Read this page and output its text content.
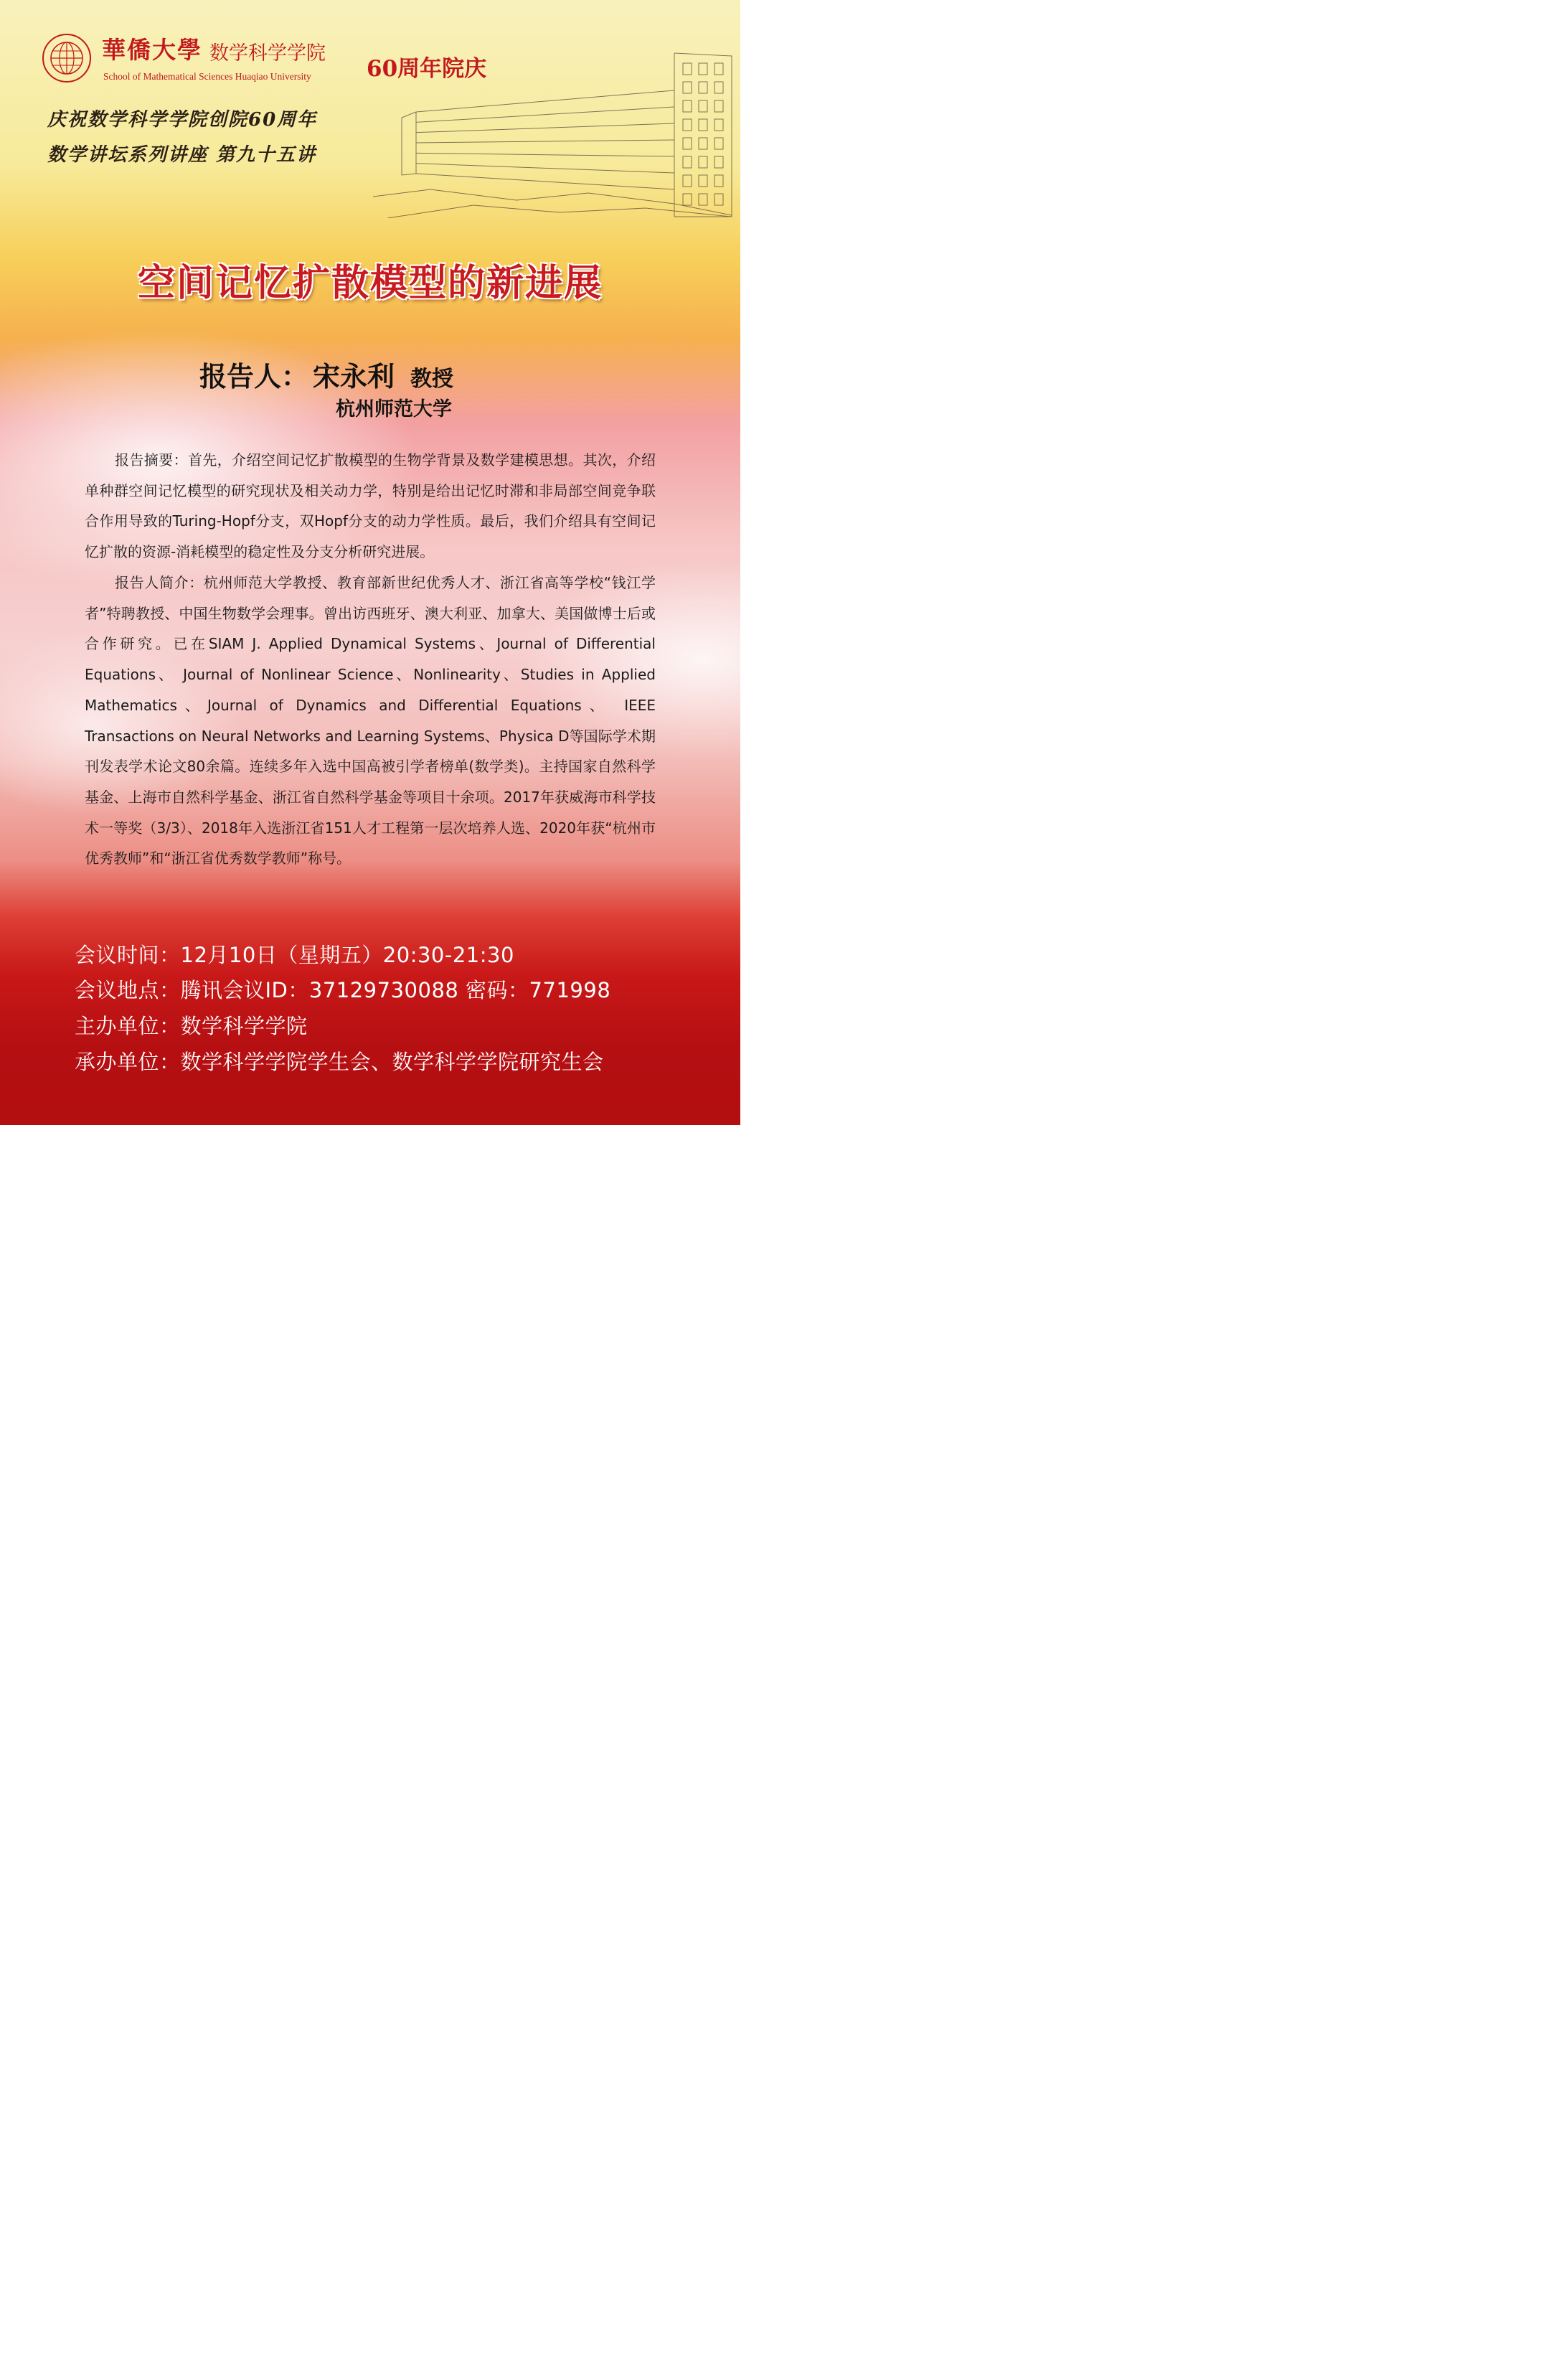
華僑大學 数学科学学院
60周年院庆
School of Mathematical Sciences Huaqiao University
庆祝数学科学学院创院60周年
数学讲坛系列讲座 第九十五讲
空间记忆扩散模型的新进展
报告人： 宋永利 教授
杭州师范大学
报告摘要：首先，介绍空间记忆扩散模型的生物学背景及数学建模思想。其次，介绍单种群空间记忆模型的研究现状及相关动力学，特别是给出记忆时滞和非局部空间竞争联合作用导致的Turing-Hopf分支，双Hopf分支的动力学性质。最后，我们介绍具有空间记忆扩散的资源-消耗模型的稳定性及分支分析研究进展。
报告人简介：杭州师范大学教授、教育部新世纪优秀人才、浙江省高等学校“钱江学者”特聘教授、中国生物数学会理事。曾出访西班牙、澳大利亚、加拿大、美国做博士后或合作研究。已在SIAM J. Applied Dynamical Systems、Journal of Differential Equations、 Journal of Nonlinear Science、Nonlinearity、Studies in Applied Mathematics、Journal of Dynamics and Differential Equations、 IEEE Transactions on Neural Networks and Learning Systems、Physica D等国际学术期刊发表学术论文80余篇。连续多年入选中国高被引学者榜单(数学类)。主持国家自然科学基金、上海市自然科学基金、浙江省自然科学基金等项目十余项。2017年获威海市科学技术一等奖（3/3）、2018年入选浙江省151人才工程第一层次培养人选、2020年获“杭州市优秀教师”和“浙江省优秀数学教师”称号。
会议时间：12月10日（星期五）20:30-21:30
会议地点：腾讯会议ID：37129730088 密码：771998
主办单位：数学科学学院
承办单位：数学科学学院学生会、数学科学学院研究生会
